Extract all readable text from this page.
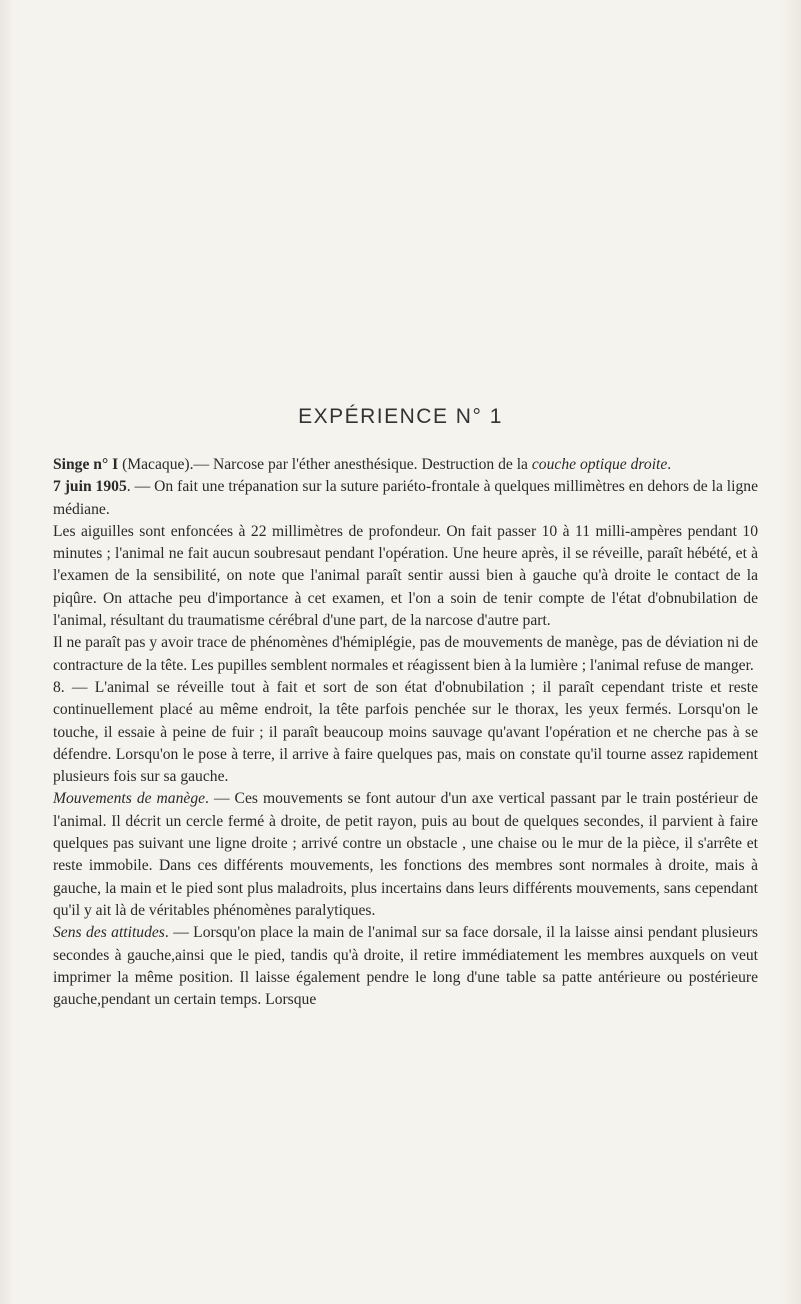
EXPÉRIENCE N° 1

Singe n° I (Macaque).— Narcose par l'éther anesthésique. Destruction de la couche optique droite.

7 juin 1905. — On fait une trépanation sur la suture pariéto-frontale à quelques millimètres en dehors de la ligne médiane.

Les aiguilles sont enfoncées à 22 millimètres de profondeur. On fait passer 10 à 11 milli-ampères pendant 10 minutes ; l'animal ne fait aucun soubresaut pendant l'opération. Une heure après, il se réveille, paraît hébété, et à l'examen de la sensibilité, on note que l'animal paraît sentir aussi bien à gauche qu'à droite le contact de la piqûre. On attache peu d'importance à cet examen, et l'on a soin de tenir compte de l'état d'obnubilation de l'animal, résultant du traumatisme cérébral d'une part, de la narcose d'autre part.

Il ne paraît pas y avoir trace de phénomènes d'hémiplégie, pas de mouvements de manège, pas de déviation ni de contracture de la tête. Les pupilles semblent normales et réagissent bien à la lumière ; l'animal refuse de manger.

8. — L'animal se réveille tout à fait et sort de son état d'obnubilation ; il paraît cependant triste et reste continuellement placé au même endroit, la tête parfois penchée sur le thorax, les yeux fermés. Lorsqu'on le touche, il essaie à peine de fuir ; il paraît beaucoup moins sauvage qu'avant l'opération et ne cherche pas à se défendre. Lorsqu'on le pose à terre, il arrive à faire quelques pas, mais on constate qu'il tourne assez rapidement plusieurs fois sur sa gauche.

Mouvements de manège. — Ces mouvements se font autour d'un axe vertical passant par le train postérieur de l'animal. Il décrit un cercle fermé à droite, de petit rayon, puis au bout de quelques secondes, il parvient à faire quelques pas suivant une ligne droite ; arrivé contre un obstacle , une chaise ou le mur de la pièce, il s'arrête et reste immobile. Dans ces différents mouvements, les fonctions des membres sont normales à droite, mais à gauche, la main et le pied sont plus maladroits, plus incertains dans leurs différents mouvements, sans cependant qu'il y ait là de véritables phénomènes paralytiques.

Sens des attitudes. — Lorsqu'on place la main de l'animal sur sa face dorsale, il la laisse ainsi pendant plusieurs secondes à gauche,ainsi que le pied, tandis qu'à droite, il retire immédiatement les membres auxquels on veut imprimer la même position. Il laisse également pendre le long d'une table sa patte antérieure ou postérieure gauche,pendant un certain temps. Lorsque
